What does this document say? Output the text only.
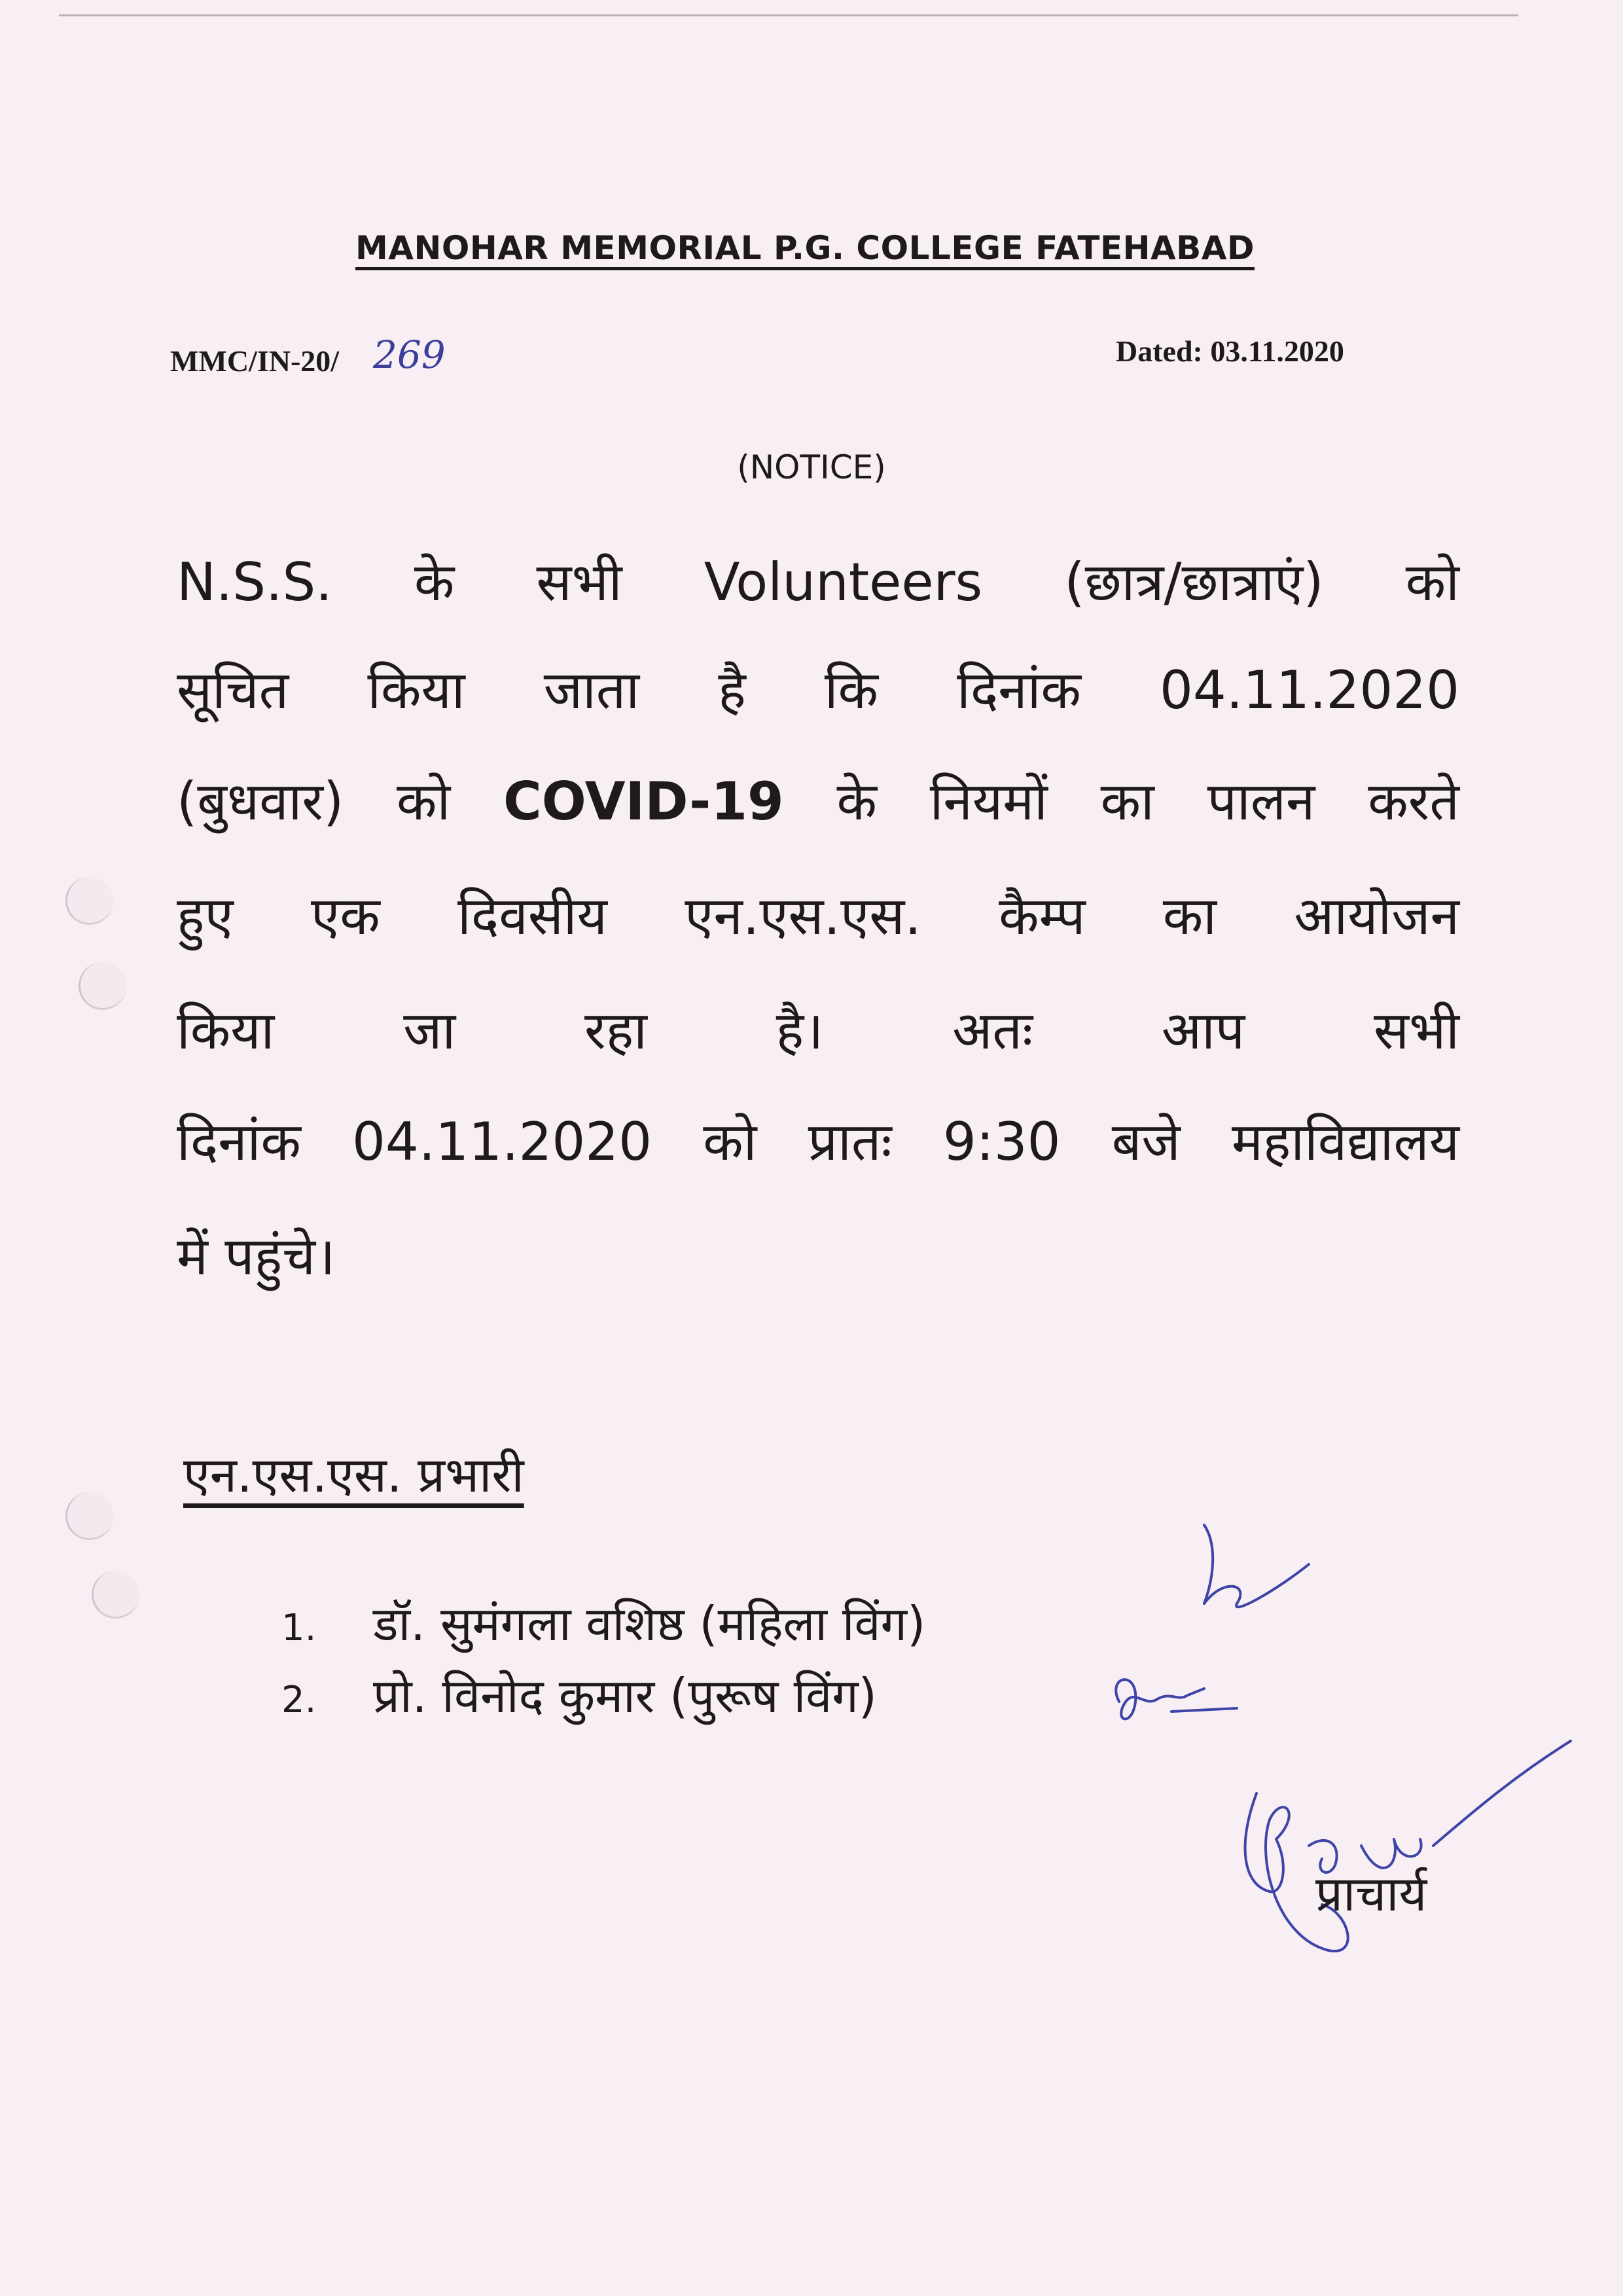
MANOHAR MEMORIAL P.G. COLLEGE FATEHABAD
MMC/IN-20/ 269	Dated: 03.11.2020
(NOTICE)
N.S.S. के सभी Volunteers (छात्र/छात्राएं) को
सूचित किया जाता है कि दिनांक 04.11.2020
(बुधवार) को COVID-19 के नियमों का पालन करते
हुए एक दिवसीय एन.एस.एस. कैम्प का आयोजन
किया जा रहा है। अतः आप सभी
दिनांक 04.11.2020 को प्रातः 9:30 बजे महाविद्यालय
में पहुंचे।
एन.एस.एस. प्रभारी
1. डॉ. सुमंगला वशिष्ठ (महिला विंग)
2. प्रो. विनोद कुमार (पुरूष विंग)
प्राचार्य
